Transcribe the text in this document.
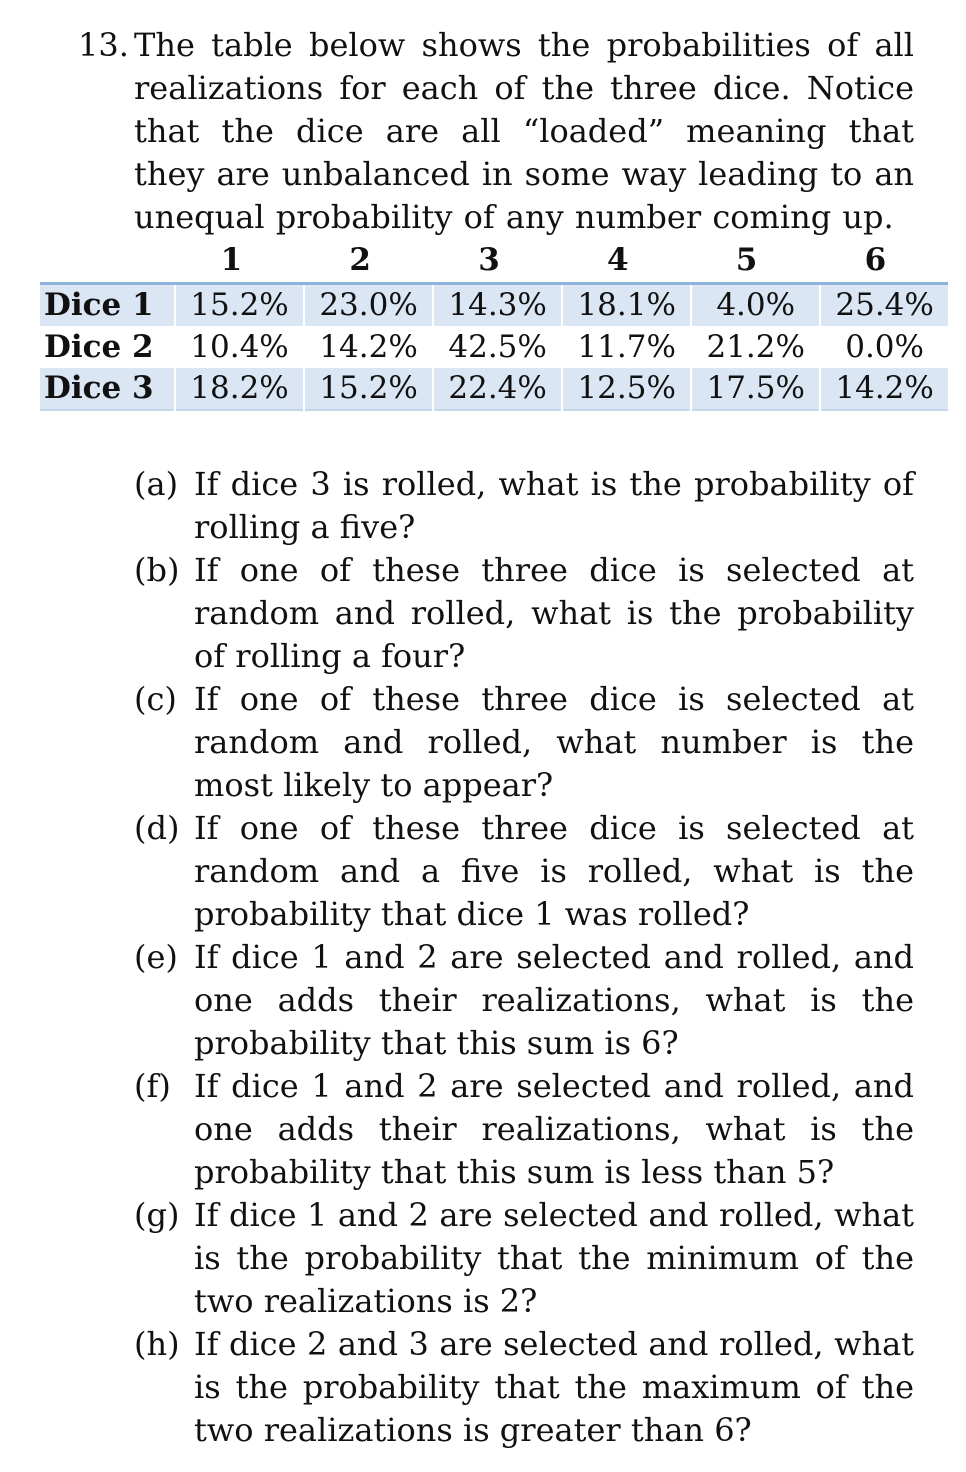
13. The table below shows the probabilities of all realizations for each of the three dice. Notice that the dice are all “loaded” meaning that they are unbalanced in some way leading to an unequal probability of any number coming up.
1	2	3	4	5	6
Dice 1	15.2%	23.0%	14.3%	18.1%	4.0%	25.4%
Dice 2	10.4%	14.2%	42.5%	11.7%	21.2%	0.0%
Dice 3	18.2%	15.2%	22.4%	12.5%	17.5%	14.2%
(a) If dice 3 is rolled, what is the probability of rolling a five?
(b) If one of these three dice is selected at random and rolled, what is the probability of rolling a four?
(c) If one of these three dice is selected at random and rolled, what number is the most likely to appear?
(d) If one of these three dice is selected at random and a five is rolled, what is the probability that dice 1 was rolled?
(e) If dice 1 and 2 are selected and rolled, and one adds their realizations, what is the probability that this sum is 6?
(f) If dice 1 and 2 are selected and rolled, and one adds their realizations, what is the probability that this sum is less than 5?
(g) If dice 1 and 2 are selected and rolled, what is the probability that the minimum of the two realizations is 2?
(h) If dice 2 and 3 are selected and rolled, what is the probability that the maximum of the two realizations is greater than 6?
